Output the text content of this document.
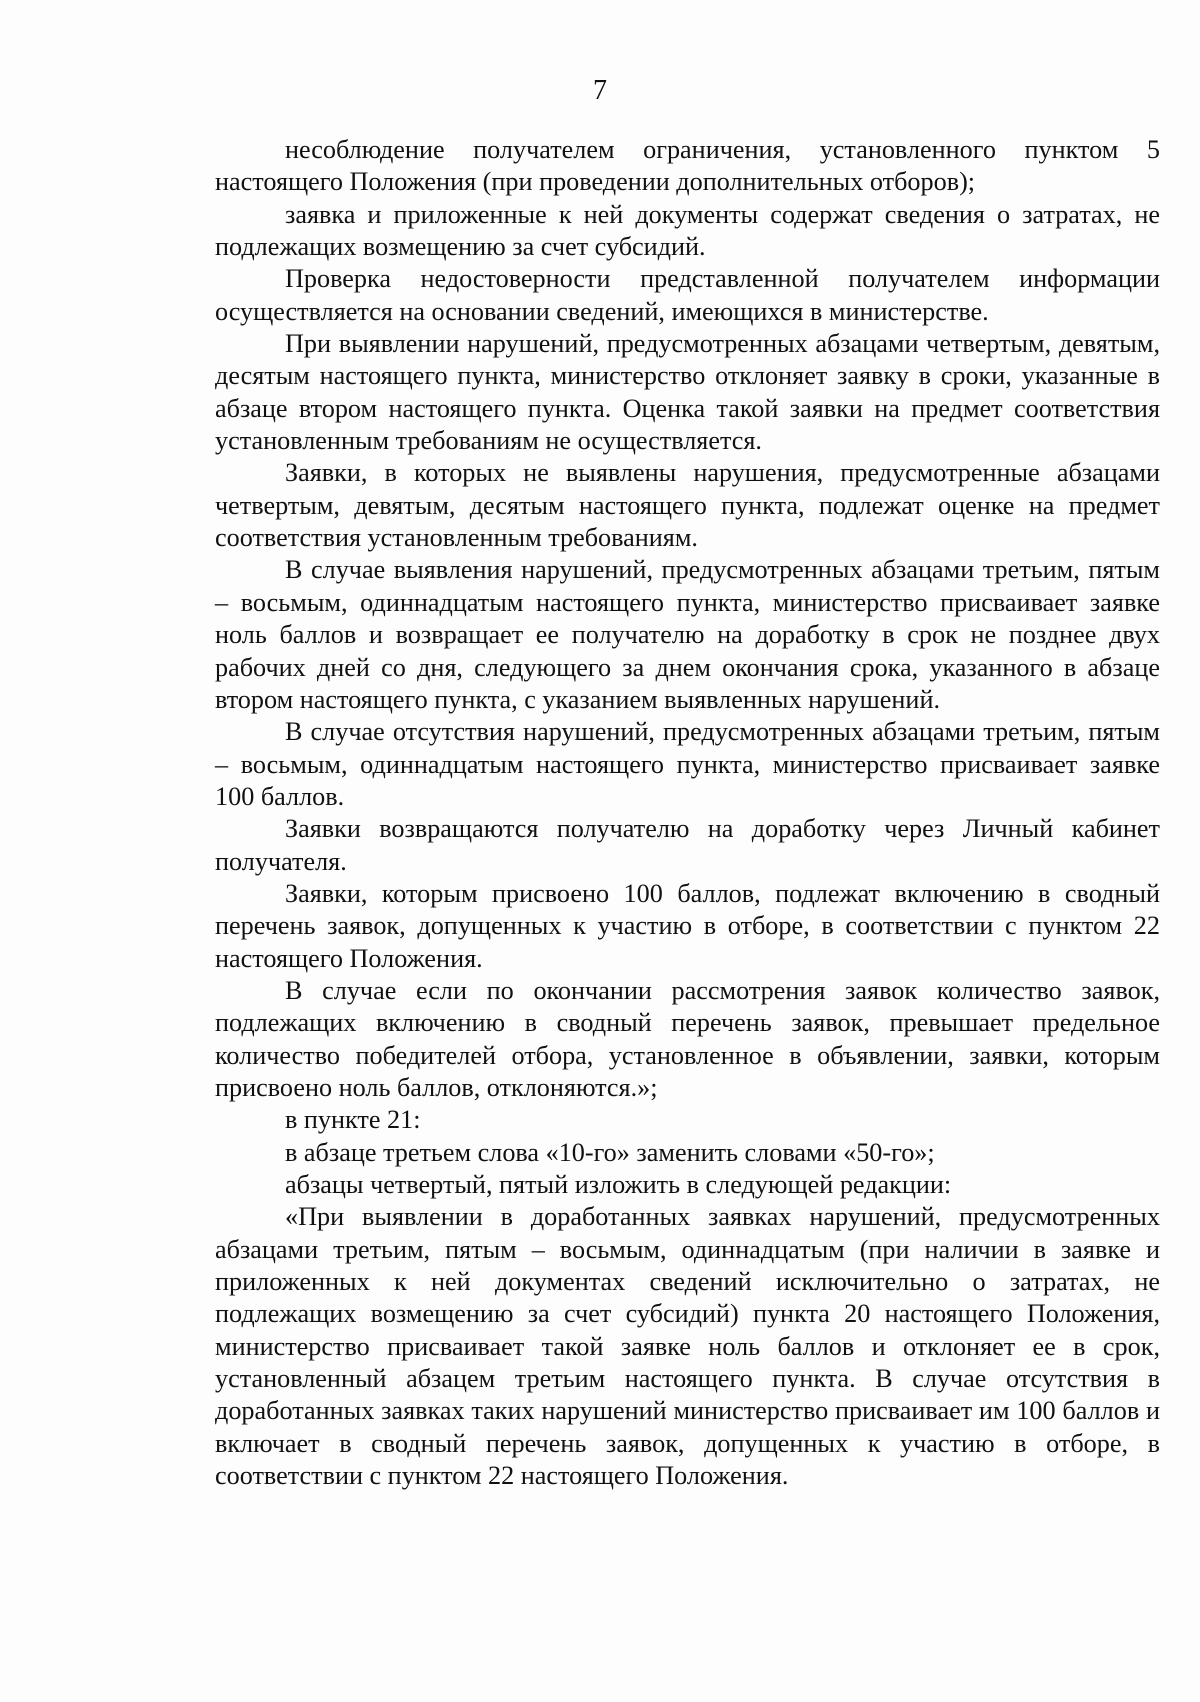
7

несоблюдение получателем ограничения, установленного пунктом 5 настоящего Положения (при проведении дополнительных отборов);

заявка и приложенные к ней документы содержат сведения о затратах, не подлежащих возмещению за счет субсидий.

Проверка недостоверности представленной получателем информации осуществляется на основании сведений, имеющихся в министерстве.

При выявлении нарушений, предусмотренных абзацами четвертым, девятым, десятым настоящего пункта, министерство отклоняет заявку в сроки, указанные в абзаце втором настоящего пункта. Оценка такой заявки на предмет соответствия установленным требованиям не осуществляется.

Заявки, в которых не выявлены нарушения, предусмотренные абзацами четвертым, девятым, десятым настоящего пункта, подлежат оценке на предмет соответствия установленным требованиям.

В случае выявления нарушений, предусмотренных абзацами третьим, пятым – восьмым, одиннадцатым настоящего пункта, министерство присваивает заявке ноль баллов и возвращает ее получателю на доработку в срок не позднее двух рабочих дней со дня, следующего за днем окончания срока, указанного в абзаце втором настоящего пункта, с указанием выявленных нарушений.

В случае отсутствия нарушений, предусмотренных абзацами третьим, пятым – восьмым, одиннадцатым настоящего пункта, министерство присваивает заявке 100 баллов.

Заявки возвращаются получателю на доработку через Личный кабинет получателя.

Заявки, которым присвоено 100 баллов, подлежат включению в сводный перечень заявок, допущенных к участию в отборе, в соответствии с пунктом 22 настоящего Положения.

В случае если по окончании рассмотрения заявок количество заявок, подлежащих включению в сводный перечень заявок, превышает предельное количество победителей отбора, установленное в объявлении, заявки, которым присвоено ноль баллов, отклоняются.»;

в пункте 21:

в абзаце третьем слова «10-го» заменить словами «50-го»;

абзацы четвертый, пятый изложить в следующей редакции:

«При выявлении в доработанных заявках нарушений, предусмотренных абзацами третьим, пятым – восьмым, одиннадцатым (при наличии в заявке и приложенных к ней документах сведений исключительно о затратах, не подлежащих возмещению за счет субсидий) пункта 20 настоящего Положения, министерство присваивает такой заявке ноль баллов и отклоняет ее в срок, установленный абзацем третьим настоящего пункта. В случае отсутствия в доработанных заявках таких нарушений министерство присваивает им 100 баллов и включает в сводный перечень заявок, допущенных к участию в отборе, в соответствии с пунктом 22 настоящего Положения.
